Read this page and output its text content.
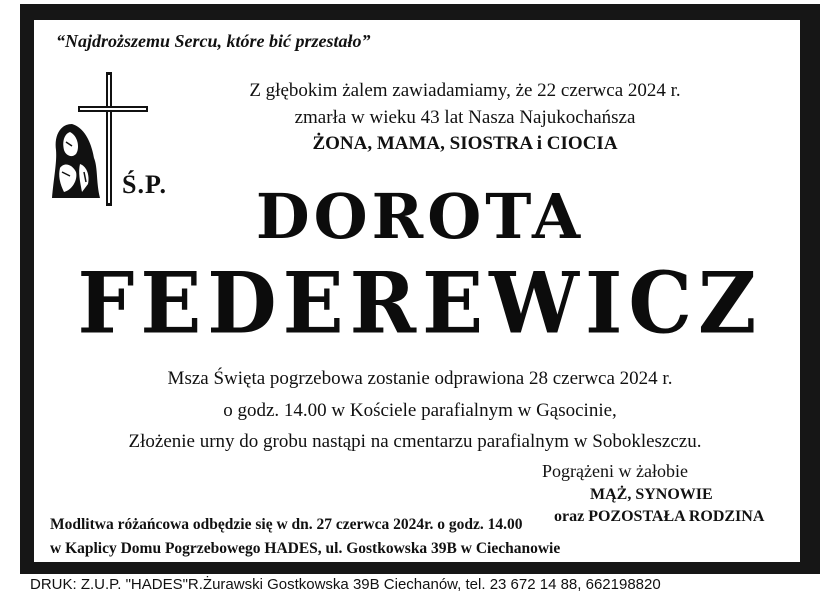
“Najdroższemu Sercu, które bić przestało”
Ś.P.
Z głębokim żalem zawiadamiamy, że 22 czerwca 2024 r.
zmarła w wieku 43 lat Nasza Najukochańsza
ŻONA, MAMA, SIOSTRA i CIOCIA
DOROTA
FEDEREWICZ
Msza Święta pogrzebowa zostanie odprawiona 28 czerwca 2024 r.
o godz. 14.00 w Kościele parafialnym w Gąsocinie,
Złożenie urny do grobu nastąpi na cmentarzu parafialnym w Sobokleszczu.
Pogrążeni w żałobie
MĄŻ, SYNOWIE
oraz POZOSTAŁA RODZINA
Modlitwa różańcowa odbędzie się w dn. 27 czerwca 2024r. o godz. 14.00
w Kaplicy Domu Pogrzebowego HADES, ul. Gostkowska 39B w Ciechanowie
DRUK: Z.U.P. "HADES"R.Żurawski Gostkowska 39B Ciechanów, tel. 23 672 14 88, 662198820
